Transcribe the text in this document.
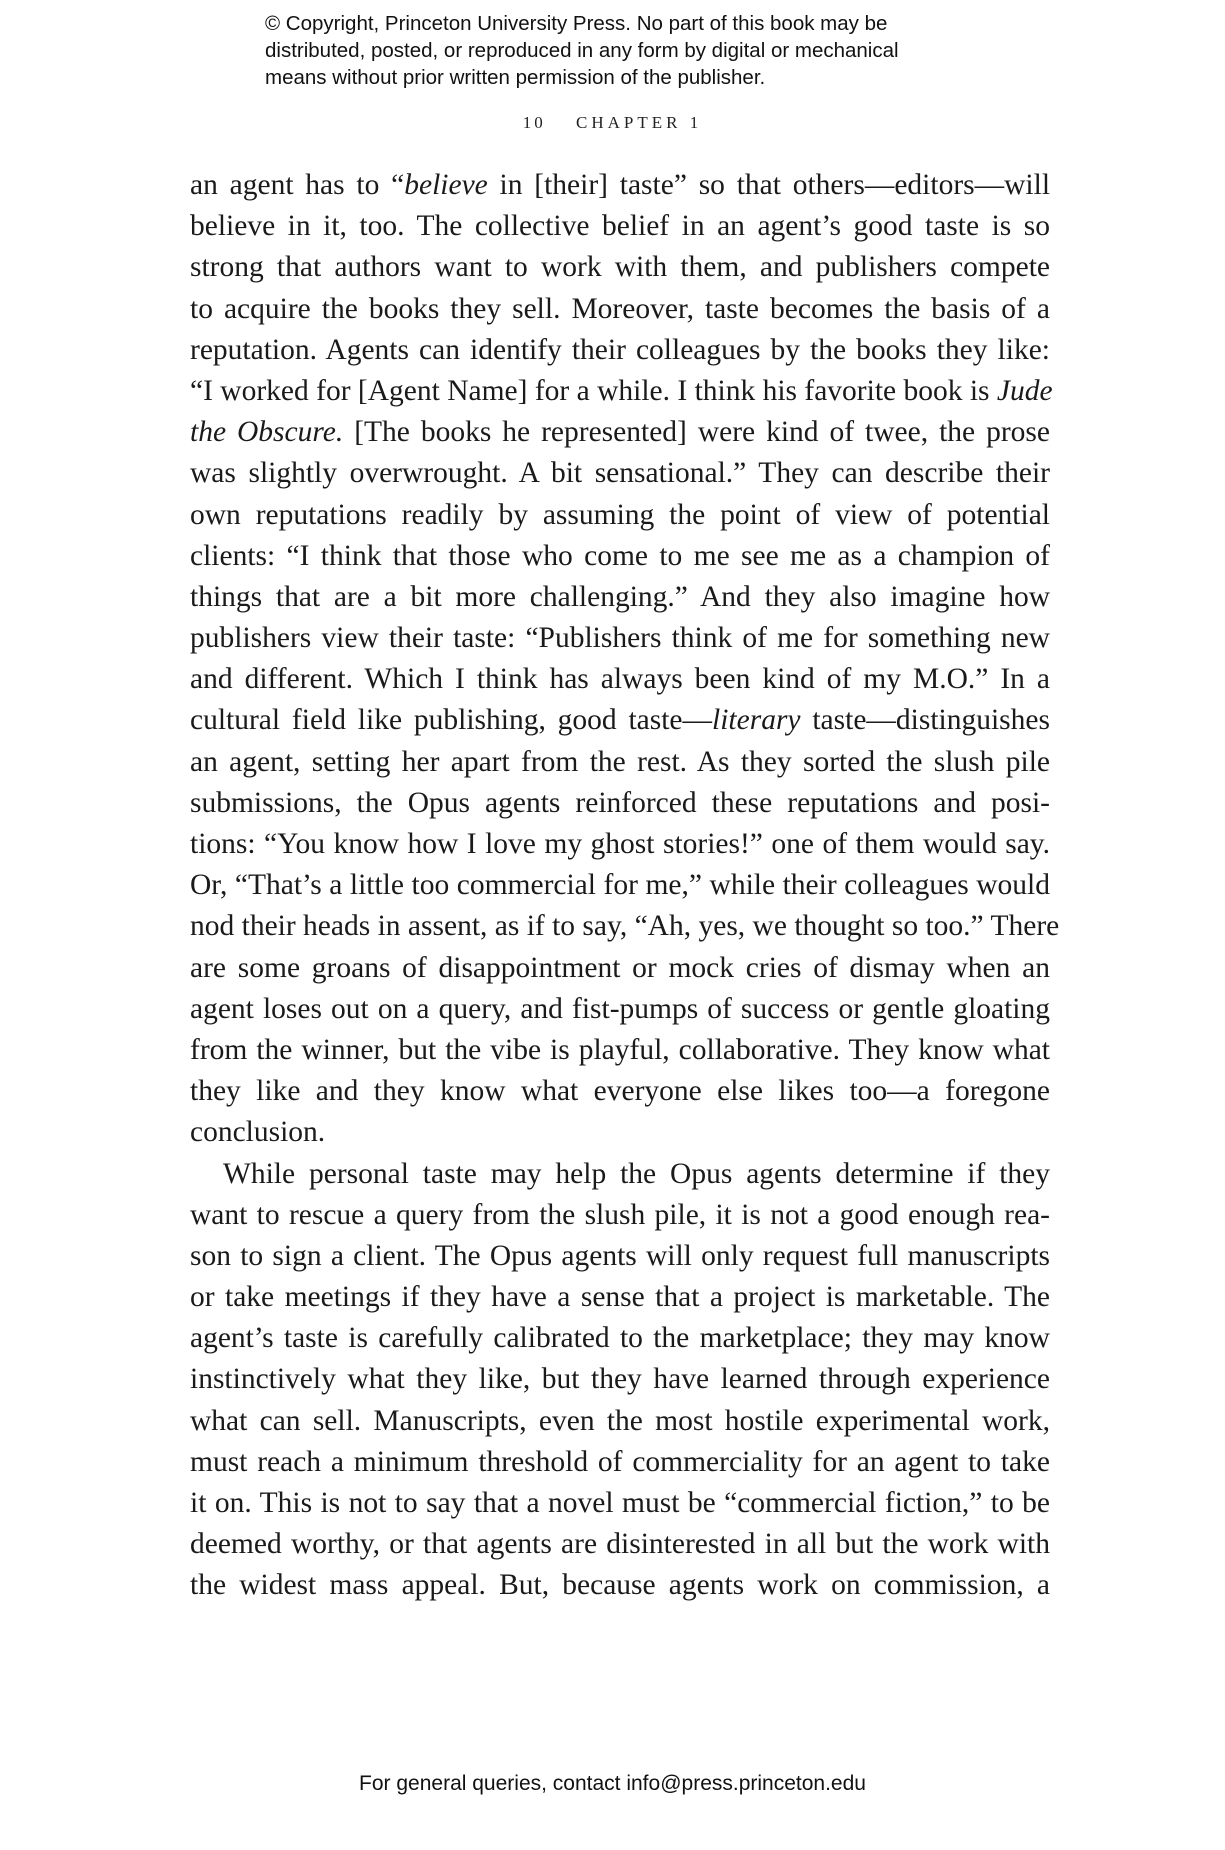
© Copyright, Princeton University Press. No part of this book may be
distributed, posted, or reproduced in any form by digital or mechanical
means without prior written permission of the publisher.
10 CHAPTER 1
an agent has to “believe in [their] taste” so that others—editors—will
believe in it, too. The collective belief in an agent’s good taste is so
strong that authors want to work with them, and publishers compete
to acquire the books they sell. Moreover, taste becomes the basis of a
reputation. Agents can identify their colleagues by the books they like:
“I worked for [Agent Name] for a while. I think his favorite book is Jude
the Obscure. [The books he represented] were kind of twee, the prose
was slightly overwrought. A bit sensational.” They can describe their
own reputations readily by assuming the point of view of potential
clients: “I think that those who come to me see me as a champion of
things that are a bit more challenging.” And they also imagine how
publishers view their taste: “Publishers think of me for something new
and different. Which I think has always been kind of my M.O.” In a
cultural field like publishing, good taste—literary taste—distinguishes
an agent, setting her apart from the rest. As they sorted the slush pile
submissions, the Opus agents reinforced these reputations and posi-
tions: “You know how I love my ghost stories!” one of them would say.
Or, “That’s a little too commercial for me,” while their colleagues would
nod their heads in assent, as if to say, “Ah, yes, we thought so too.” There
are some groans of disappointment or mock cries of dismay when an
agent loses out on a query, and fist-pumps of success or gentle gloating
from the winner, but the vibe is playful, collaborative. They know what
they like and they know what everyone else likes too—a foregone
conclusion.
While personal taste may help the Opus agents determine if they
want to rescue a query from the slush pile, it is not a good enough rea-
son to sign a client. The Opus agents will only request full manuscripts
or take meetings if they have a sense that a project is marketable. The
agent’s taste is carefully calibrated to the marketplace; they may know
instinctively what they like, but they have learned through experience
what can sell. Manuscripts, even the most hostile experimental work,
must reach a minimum threshold of commerciality for an agent to take
it on. This is not to say that a novel must be “commercial fiction,” to be
deemed worthy, or that agents are disinterested in all but the work with
the widest mass appeal. But, because agents work on commission, a
For general queries, contact info@press.princeton.edu
